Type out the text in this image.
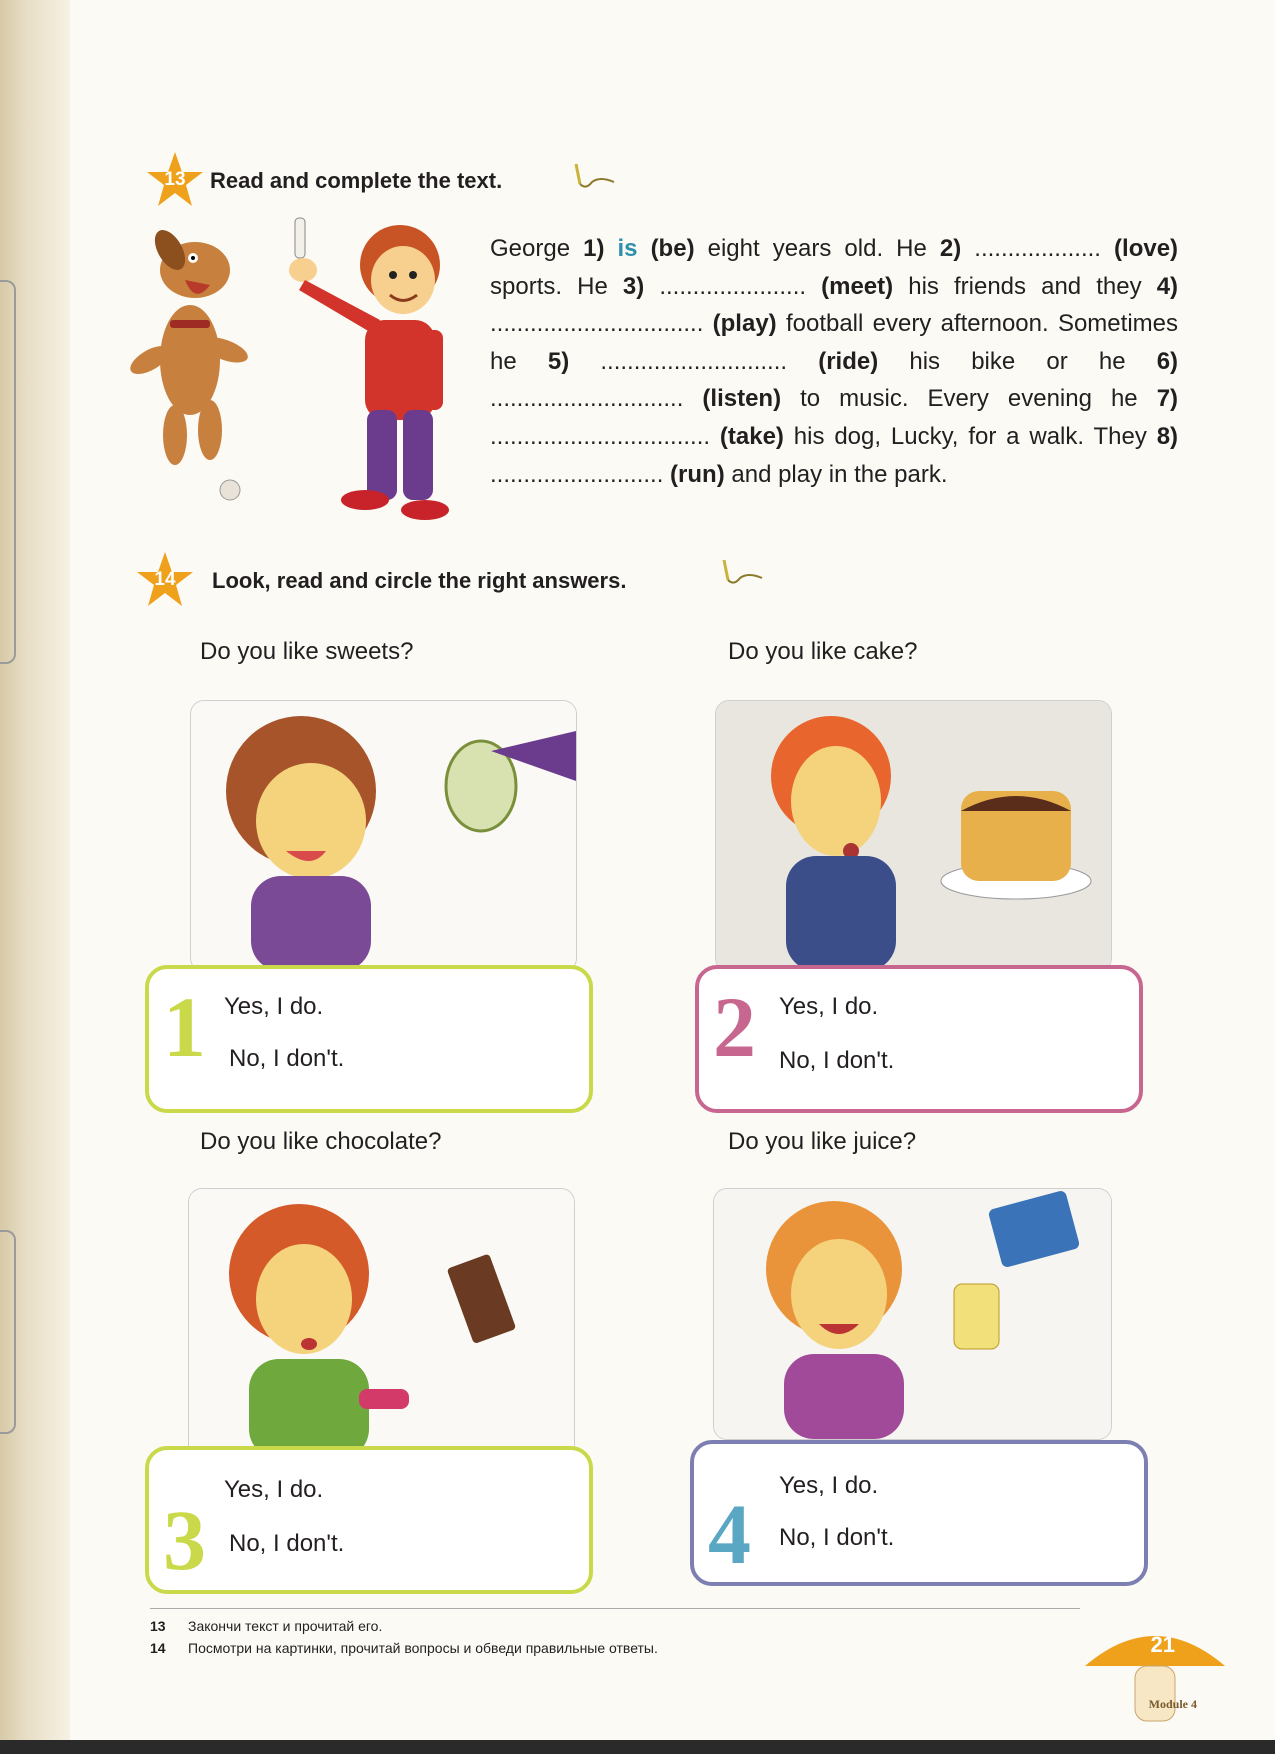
13	Read and complete the text.
George 1) is (be) eight years old. He 2) ................... (love) sports. He 3) ...................... (meet) his friends and they 4) ................................ (play) football every afternoon. Sometimes he 5) ............................ (ride) his bike or he 6) ............................. (listen) to music. Every evening he 7) ................................. (take) his dog, Lucky, for a walk. They 8) .......................... (run) and play in the park.
14	Look, read and circle the right answers.
Do you like sweets?
1 Yes, I do.
No, I don't.
Do you like cake?
2 Yes, I do.
No, I don't.
Do you like chocolate?
3
Yes, I do.
No, I don't.
Do you like juice?
4
Yes, I do.
No, I don't.
13 Закончи текст и прочитай его.
14 Посмотри на картинки, прочитай вопросы и обведи правильные ответы.	21
Module 4
